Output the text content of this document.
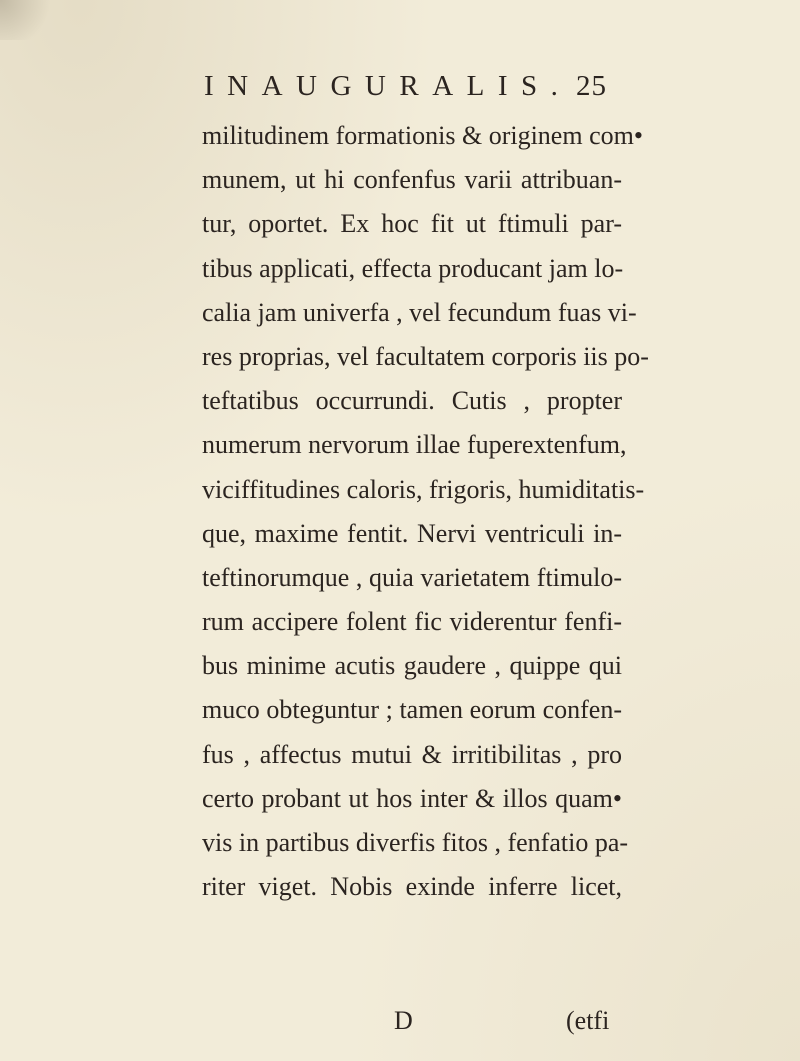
INAUGURALIS. 25
militudinem formationis & originem com•
munem, ut hi confenfus varii attribuan-
tur, oportet. Ex hoc fit ut ftimuli par-
tibus applicati, effecta producant jam lo-
calia jam univerfa , vel fecundum fuas vi-
res proprias, vel facultatem corporis iis po-
teftatibus occurrundi. Cutis , propter
numerum nervorum illae fuperextenfum,
viciffitudines caloris, frigoris, humiditatis-
que, maxime fentit. Nervi ventriculi in-
teftinorumque , quia varietatem ftimulo-
rum accipere folent fic viderentur fenfi-
bus minime acutis gaudere , quippe qui
muco obteguntur ; tamen eorum confen-
fus , affectus mutui & irritibilitas , pro
certo probant ut hos inter & illos quam•
vis in partibus diverfis fitos , fenfatio pa-
riter viget. Nobis exinde inferre licet,
D	(etfi
